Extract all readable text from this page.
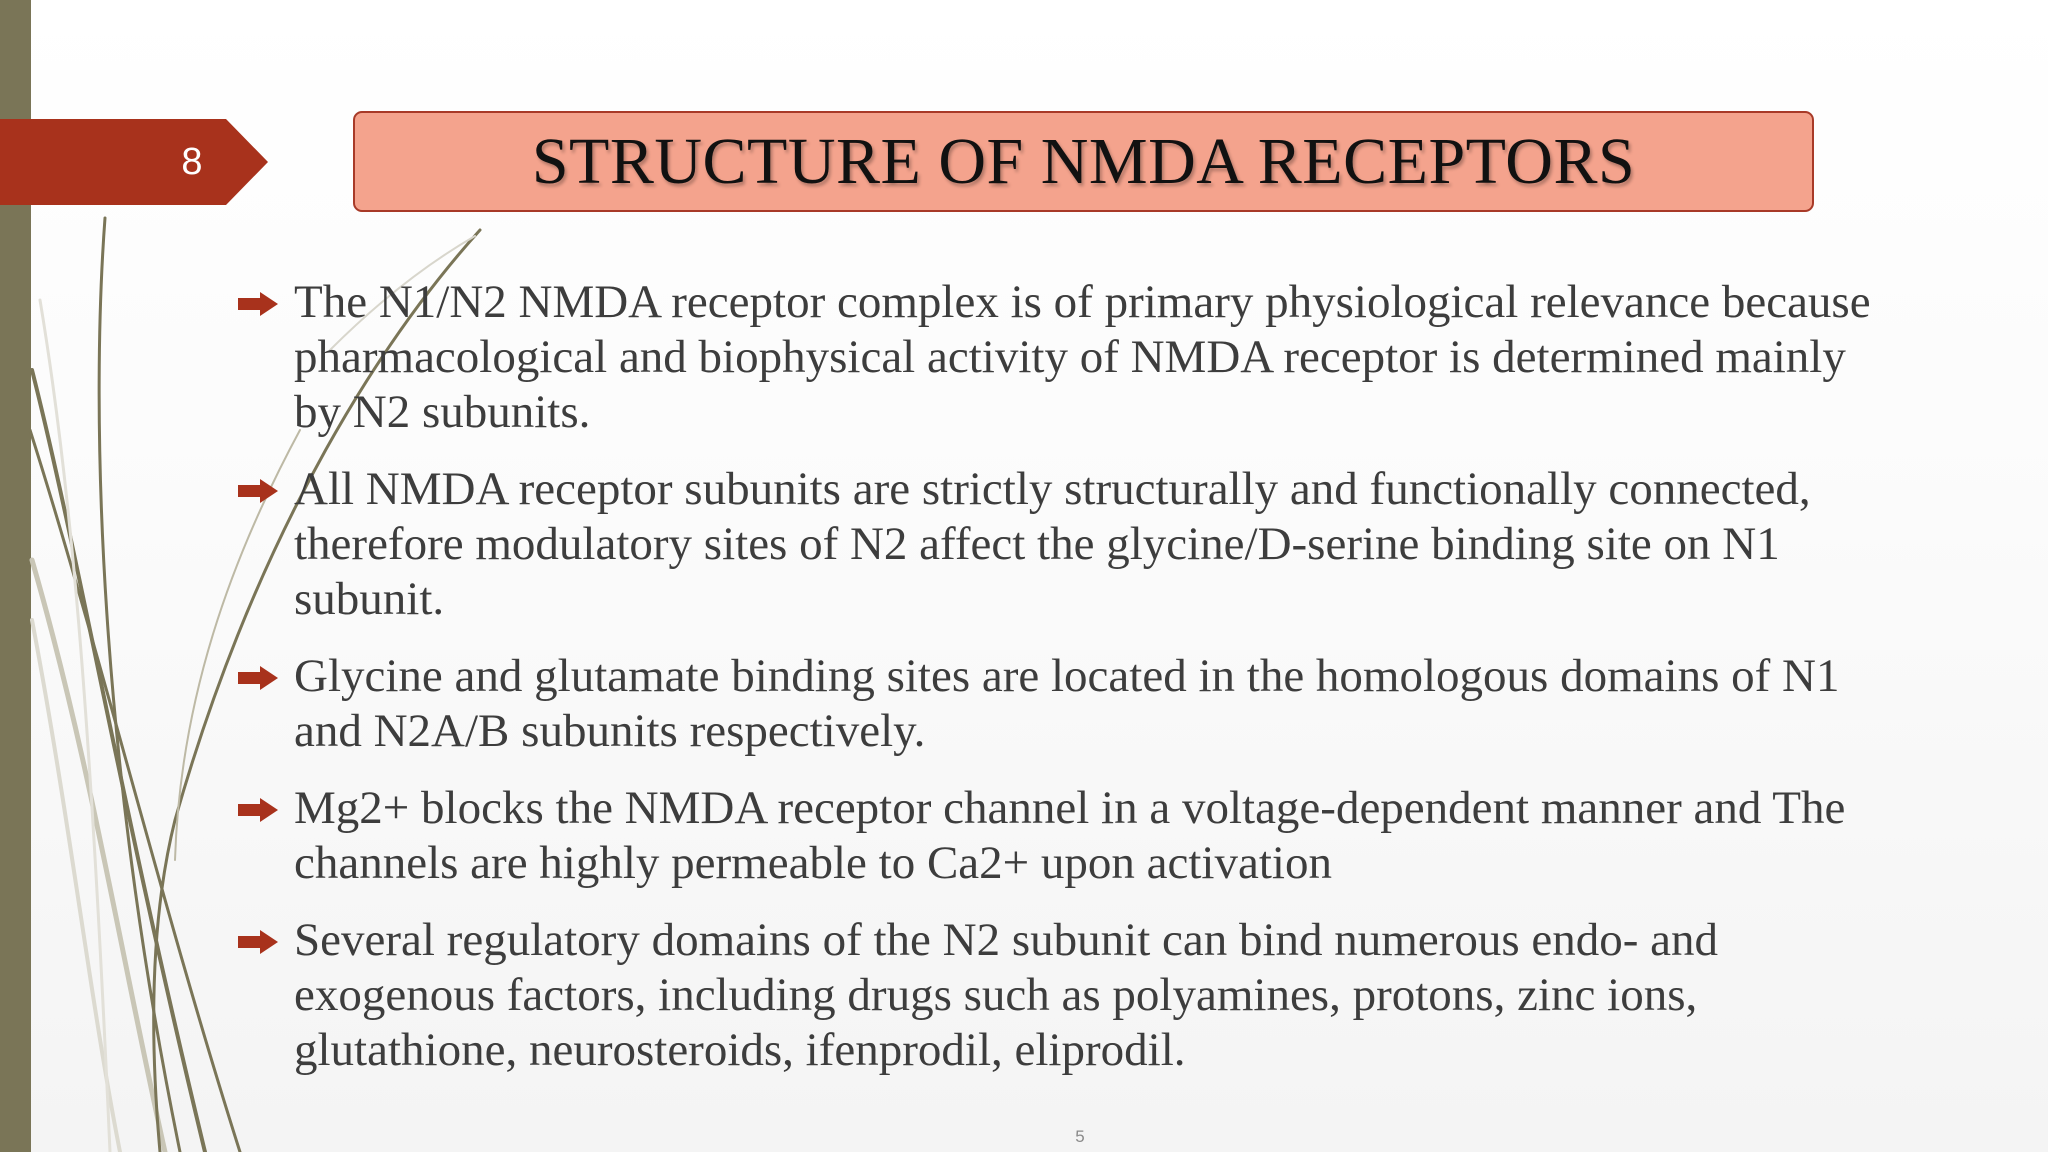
8	STRUCTURE OF NMDA RECEPTORS
The N1/N2 NMDA receptor complex is of primary physiological relevance because pharmacological and biophysical activity of NMDA receptor is determined mainly by N2 subunits.
All NMDA receptor subunits are strictly structurally and functionally connected, therefore modulatory sites of N2 affect the glycine/D-serine binding site on N1 subunit.
Glycine and glutamate binding sites are located in the homologous domains of N1 and N2A/B subunits respectively.
Mg2+ blocks the NMDA receptor channel in a voltage-dependent manner and The channels are highly permeable to Ca2+ upon activation
Several regulatory domains of the N2 subunit can bind numerous endo- and exogenous factors, including drugs such as polyamines, protons, zinc ions, glutathione, neurosteroids, ifenprodil, eliprodil.
5
